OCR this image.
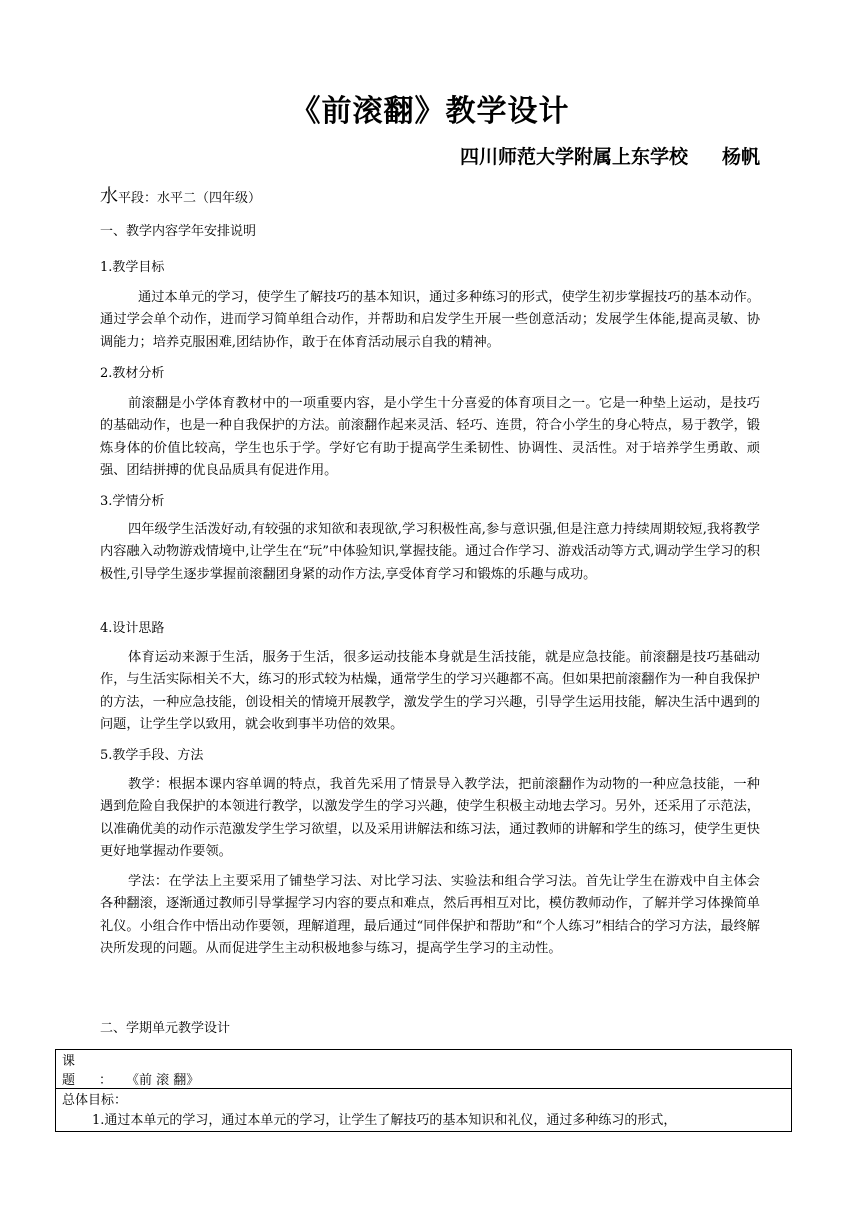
《前滚翻》教学设计
四川师范大学附属上东学校 杨帆
水平段：水平二（四年级）
一、教学内容学年安排说明
1.教学目标
通过本单元的学习，使学生了解技巧的基本知识，通过多种练习的形式，使学生初步掌握技巧的基本动作。通过学会单个动作，进而学习简单组合动作，并帮助和启发学生开展一些创意活动；发展学生体能,提高灵敏、协调能力；培养克服困难,团结协作，敢于在体育活动展示自我的精神。
2.教材分析
前滚翻是小学体育教材中的一项重要内容，是小学生十分喜爱的体育项目之一。它是一种垫上运动，是技巧的基础动作，也是一种自我保护的方法。前滚翻作起来灵活、轻巧、连贯，符合小学生的身心特点，易于教学，锻炼身体的价值比较高，学生也乐于学。学好它有助于提高学生柔韧性、协调性、灵活性。对于培养学生勇敢、顽强、团结拼搏的优良品质具有促进作用。
3.学情分析
四年级学生活泼好动,有较强的求知欲和表现欲,学习积极性高,参与意识强,但是注意力持续周期较短,我将教学内容融入动物游戏情境中,让学生在“玩”中体验知识,掌握技能。通过合作学习、游戏活动等方式,调动学生学习的积极性,引导学生逐步掌握前滚翻团身紧的动作方法,享受体育学习和锻炼的乐趣与成功。
4.设计思路
体育运动来源于生活，服务于生活，很多运动技能本身就是生活技能，就是应急技能。前滚翻是技巧基础动作，与生活实际相关不大，练习的形式较为枯燥，通常学生的学习兴趣都不高。但如果把前滚翻作为一种自我保护的方法，一种应急技能，创设相关的情境开展教学，激发学生的学习兴趣，引导学生运用技能，解决生活中遇到的问题，让学生学以致用，就会收到事半功倍的效果。
5.教学手段、方法
教学：根据本课内容单调的特点，我首先采用了情景导入教学法，把前滚翻作为动物的一种应急技能，一种遇到危险自我保护的本领进行教学，以激发学生的学习兴趣，使学生积极主动地去学习。另外，还采用了示范法，以准确优美的动作示范激发学生学习欲望，以及采用讲解法和练习法，通过教师的讲解和学生的练习，使学生更快更好地掌握动作要领。
学法：在学法上主要采用了铺垫学习法、对比学习法、实验法和组合学习法。首先让学生在游戏中自主体会各种翻滚，逐渐通过教师引导掌握学习内容的要点和难点，然后再相互对比，模仿教师动作，了解并学习体操简单礼仪。小组合作中悟出动作要领，理解道理，最后通过“同伴保护和帮助”和“个人练习”相结合的学习方法，最终解决所发现的问题。从而促进学生主动积极地参与练习，提高学生学习的主动性。
二、学期单元教学设计
课题：《前 滚 翻》

总体目标：
1.通过本单元的学习，通过本单元的学习，让学生了解技巧的基本知识和礼仪，通过多种练习的形式，
